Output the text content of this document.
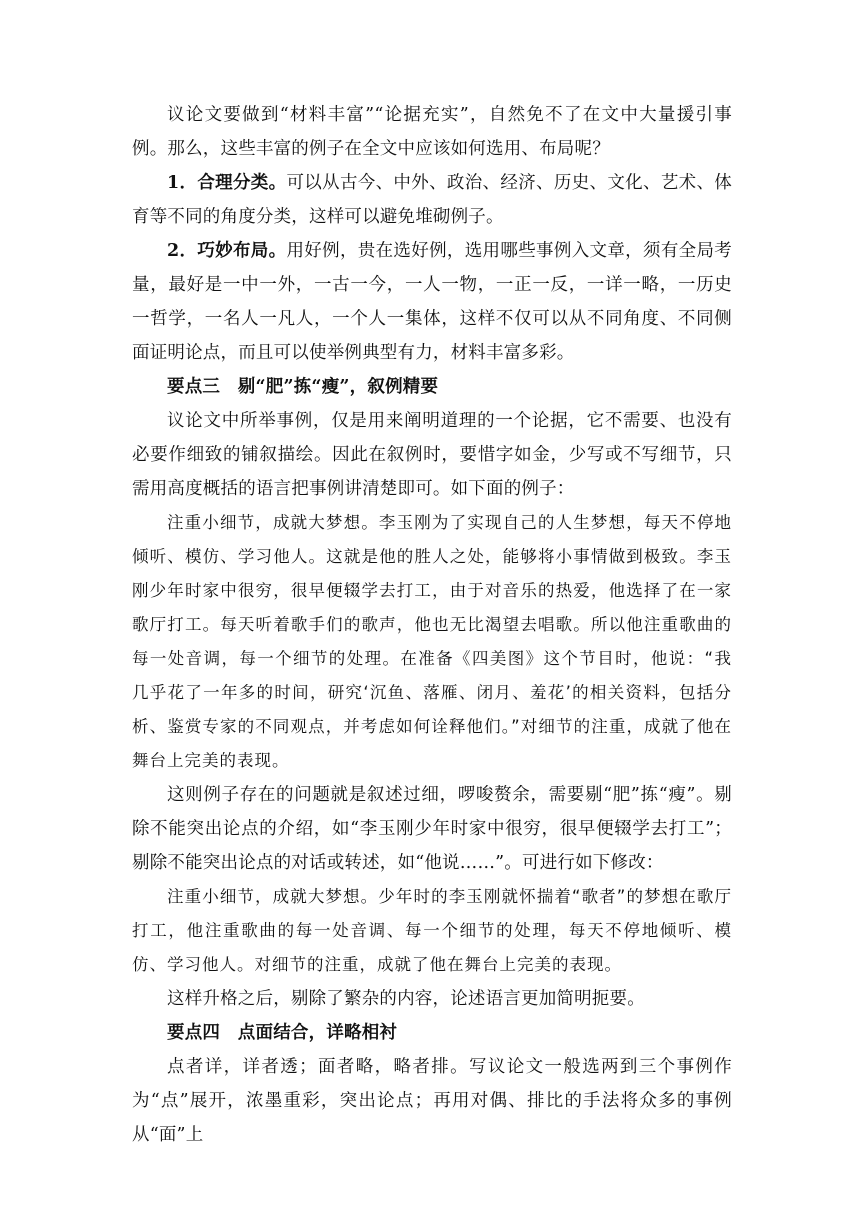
议论文要做到“材料丰富”“论据充实”，自然免不了在文中大量援引事例。那么，这些丰富的例子在全文中应该如何选用、布局呢？

1．合理分类。可以从古今、中外、政治、经济、历史、文化、艺术、体育等不同的角度分类，这样可以避免堆砌例子。

2．巧妙布局。用好例，贵在选好例，选用哪些事例入文章，须有全局考量，最好是一中一外，一古一今，一人一物，一正一反，一详一略，一历史一哲学，一名人一凡人，一个人一集体，这样不仅可以从不同角度、不同侧面证明论点，而且可以使举例典型有力，材料丰富多彩。

要点三　剔“肥”拣“瘦”，叙例精要

议论文中所举事例，仅是用来阐明道理的一个论据，它不需要、也没有必要作细致的铺叙描绘。因此在叙例时，要惜字如金，少写或不写细节，只需用高度概括的语言把事例讲清楚即可。如下面的例子：

注重小细节，成就大梦想。李玉刚为了实现自己的人生梦想，每天不停地倾听、模仿、学习他人。这就是他的胜人之处，能够将小事情做到极致。李玉刚少年时家中很穷，很早便辍学去打工，由于对音乐的热爱，他选择了在一家歌厅打工。每天听着歌手们的歌声，他也无比渴望去唱歌。所以他注重歌曲的每一处音调，每一个细节的处理。在准备《四美图》这个节目时，他说：“我几乎花了一年多的时间，研究‘沉鱼、落雁、闭月、羞花’的相关资料，包括分析、鉴赏专家的不同观点，并考虑如何诠释他们。”对细节的注重，成就了他在舞台上完美的表现。

这则例子存在的问题就是叙述过细，啰唆赘余，需要剔“肥”拣“瘦”。剔除不能突出论点的介绍，如“李玉刚少年时家中很穷，很早便辍学去打工”；剔除不能突出论点的对话或转述，如“他说……”。可进行如下修改：

注重小细节，成就大梦想。少年时的李玉刚就怀揣着“歌者”的梦想在歌厅打工，他注重歌曲的每一处音调、每一个细节的处理，每天不停地倾听、模仿、学习他人。对细节的注重，成就了他在舞台上完美的表现。

这样升格之后，剔除了繁杂的内容，论述语言更加简明扼要。

要点四　点面结合，详略相衬

点者详，详者透；面者略，略者排。写议论文一般选两到三个事例作为“点”展开，浓墨重彩，突出论点；再用对偶、排比的手法将众多的事例从“面”上
